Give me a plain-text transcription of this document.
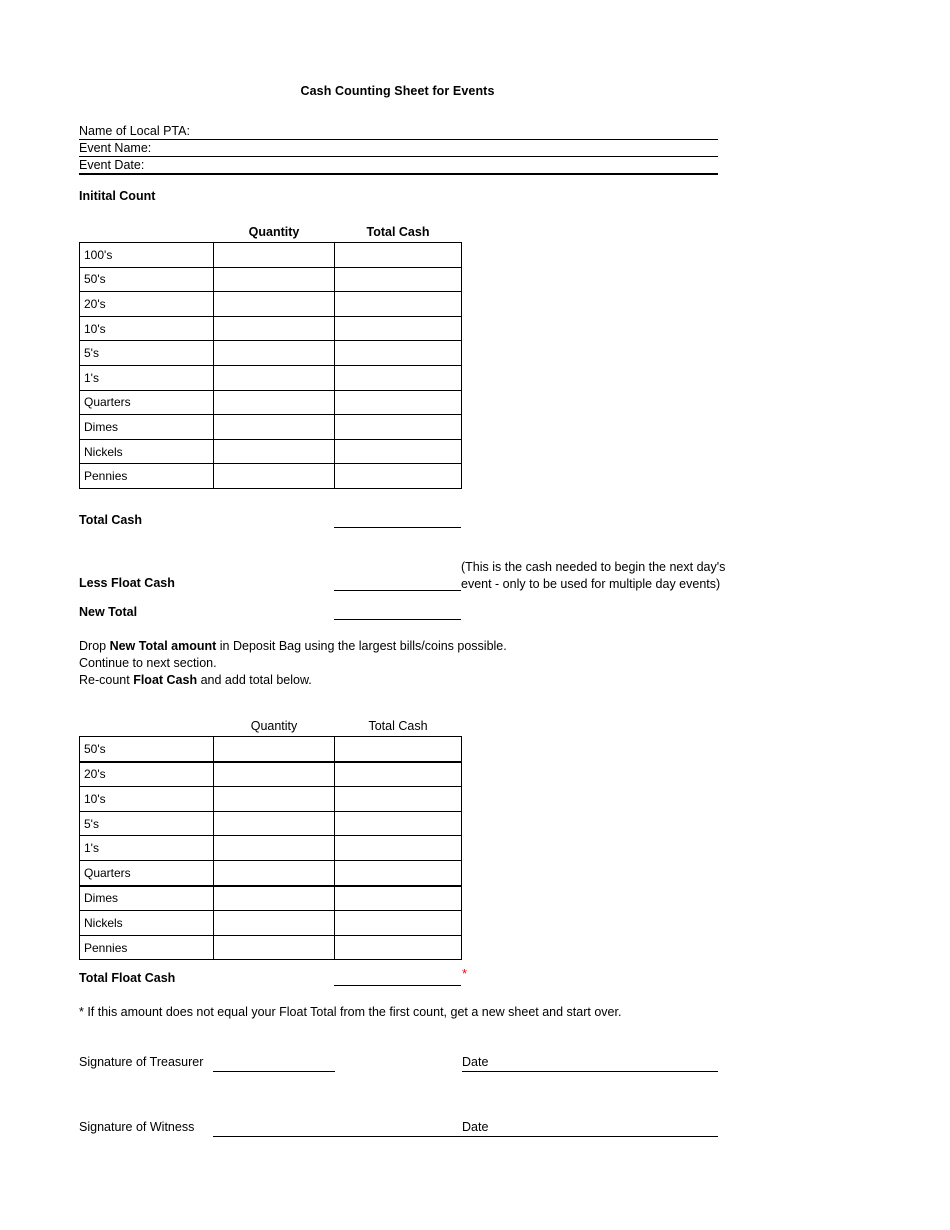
Cash Counting Sheet for Events
Name of Local PTA:
Event Name:
Event Date:
Initital Count
	Quantity	Total Cash
100's		
50's		
20's		
10's		
5's		
1's		
Quarters		
Dimes		
Nickels		
Pennies		
Total Cash
Less Float Cash
New Total
(This is the cash needed to begin the next day's
event - only to be used for multiple day events)
Drop New Total amount in Deposit Bag using the largest bills/coins possible.
Continue to next section.
Re-count Float Cash and add total below.
	Quantity	Total Cash
50's		
20's		
10's		
5's		
1's		
Quarters		
Dimes		
Nickels		
Pennies		
Total Float Cash	*
* If this amount does not equal your Float Total from the first count, get a new sheet and start over.
Signature of Treasurer	Date
Signature of Witness	Date
